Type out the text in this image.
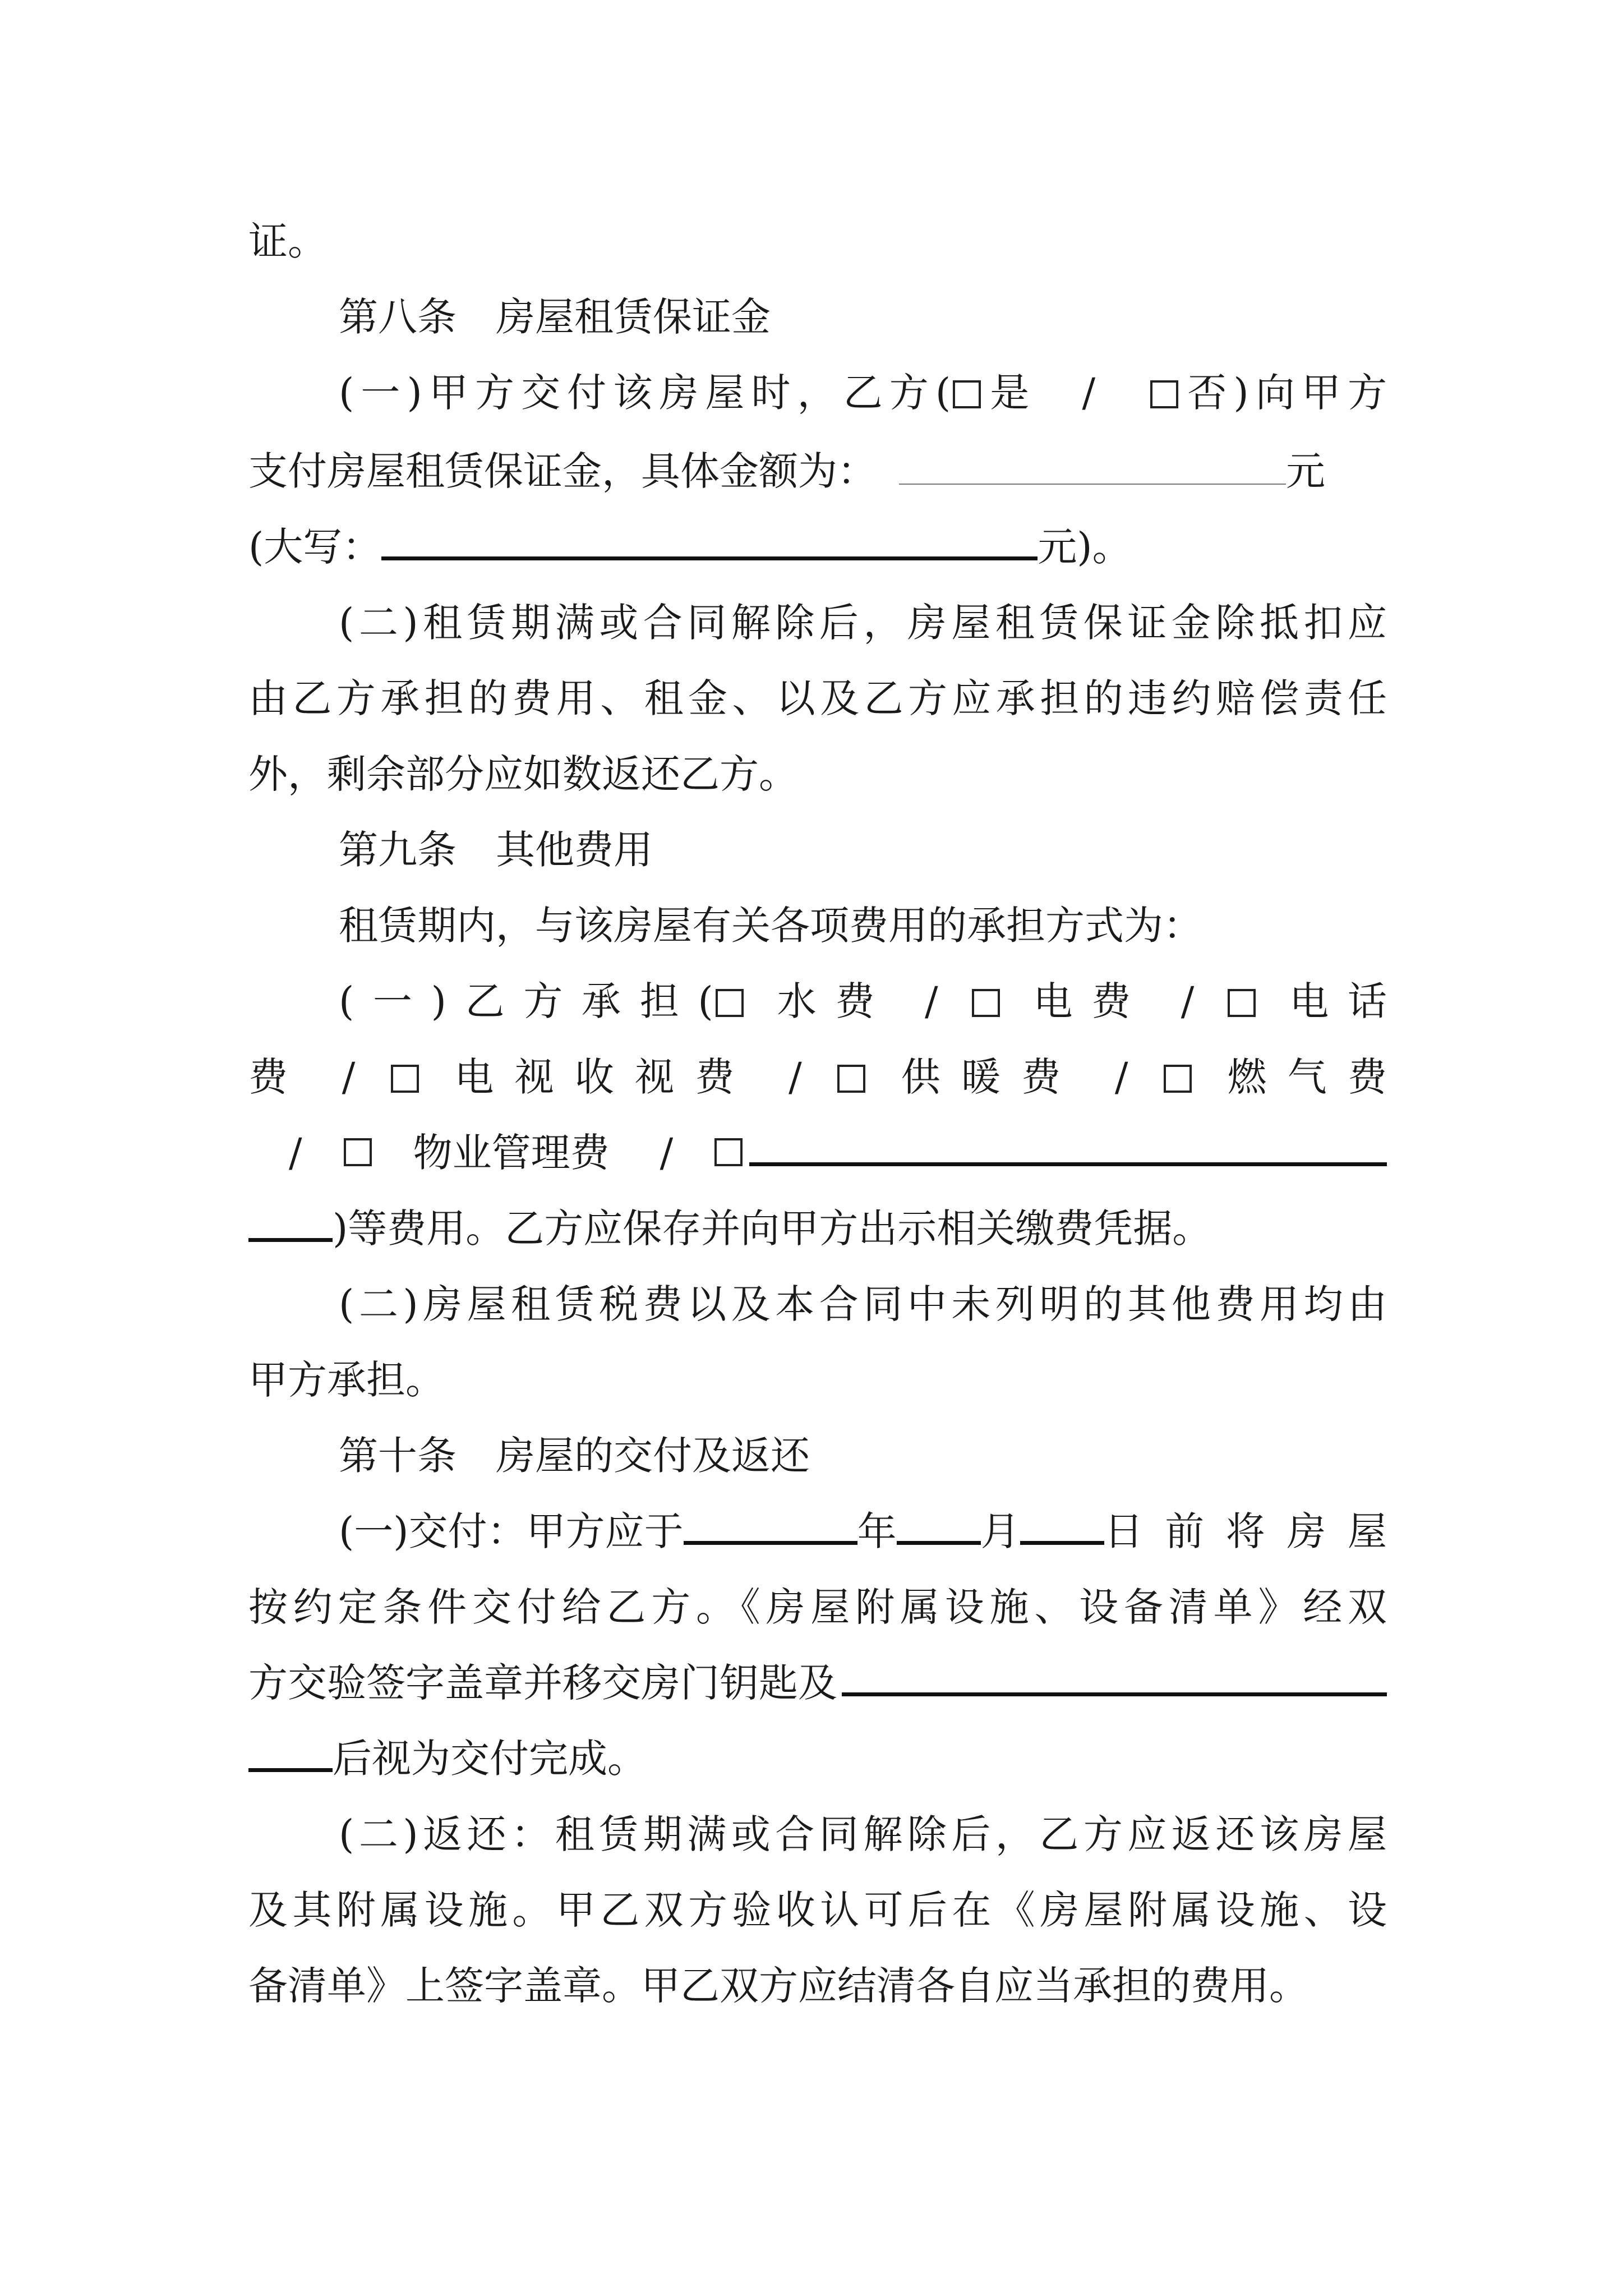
证。
第八条　房屋租赁保证金
(一)甲方交付该房屋时，乙方( 是　/　否)向甲方
支付房屋租赁保证金，具体金额为：	元
(大写：	元)。
(二)租赁期满或合同解除后，房屋租赁保证金除抵扣应
由乙方承担的费用、租金、以及乙方应承担的违约赔偿责任
外，剩余部分应如数返还乙方。
第九条　其他费用
租赁期内，与该房屋有关各项费用的承担方式为：
(一)乙方承担( 水费 / 电费 / 电话
费 /	电视收视费 /	供暖费 /	燃气费
/	物业管理费 /
)等费用。乙方应保存并向甲方出示相关缴费凭据。
(二)房屋租赁税费以及本合同中未列明的其他费用均由
甲方承担。
第十条　房屋的交付及返还
(一)交付：甲方应于	年 月 日前将房屋
按约定条件交付给乙方。《房屋附属设施、设备清单》经双
方交验签字盖章并移交房门钥匙及
后视为交付完成。
(二)返还：租赁期满或合同解除后，乙方应返还该房屋
及其附属设施。甲乙双方验收认可后在《房屋附属设施、设
备清单》上签字盖章。甲乙双方应结清各自应当承担的费用。
